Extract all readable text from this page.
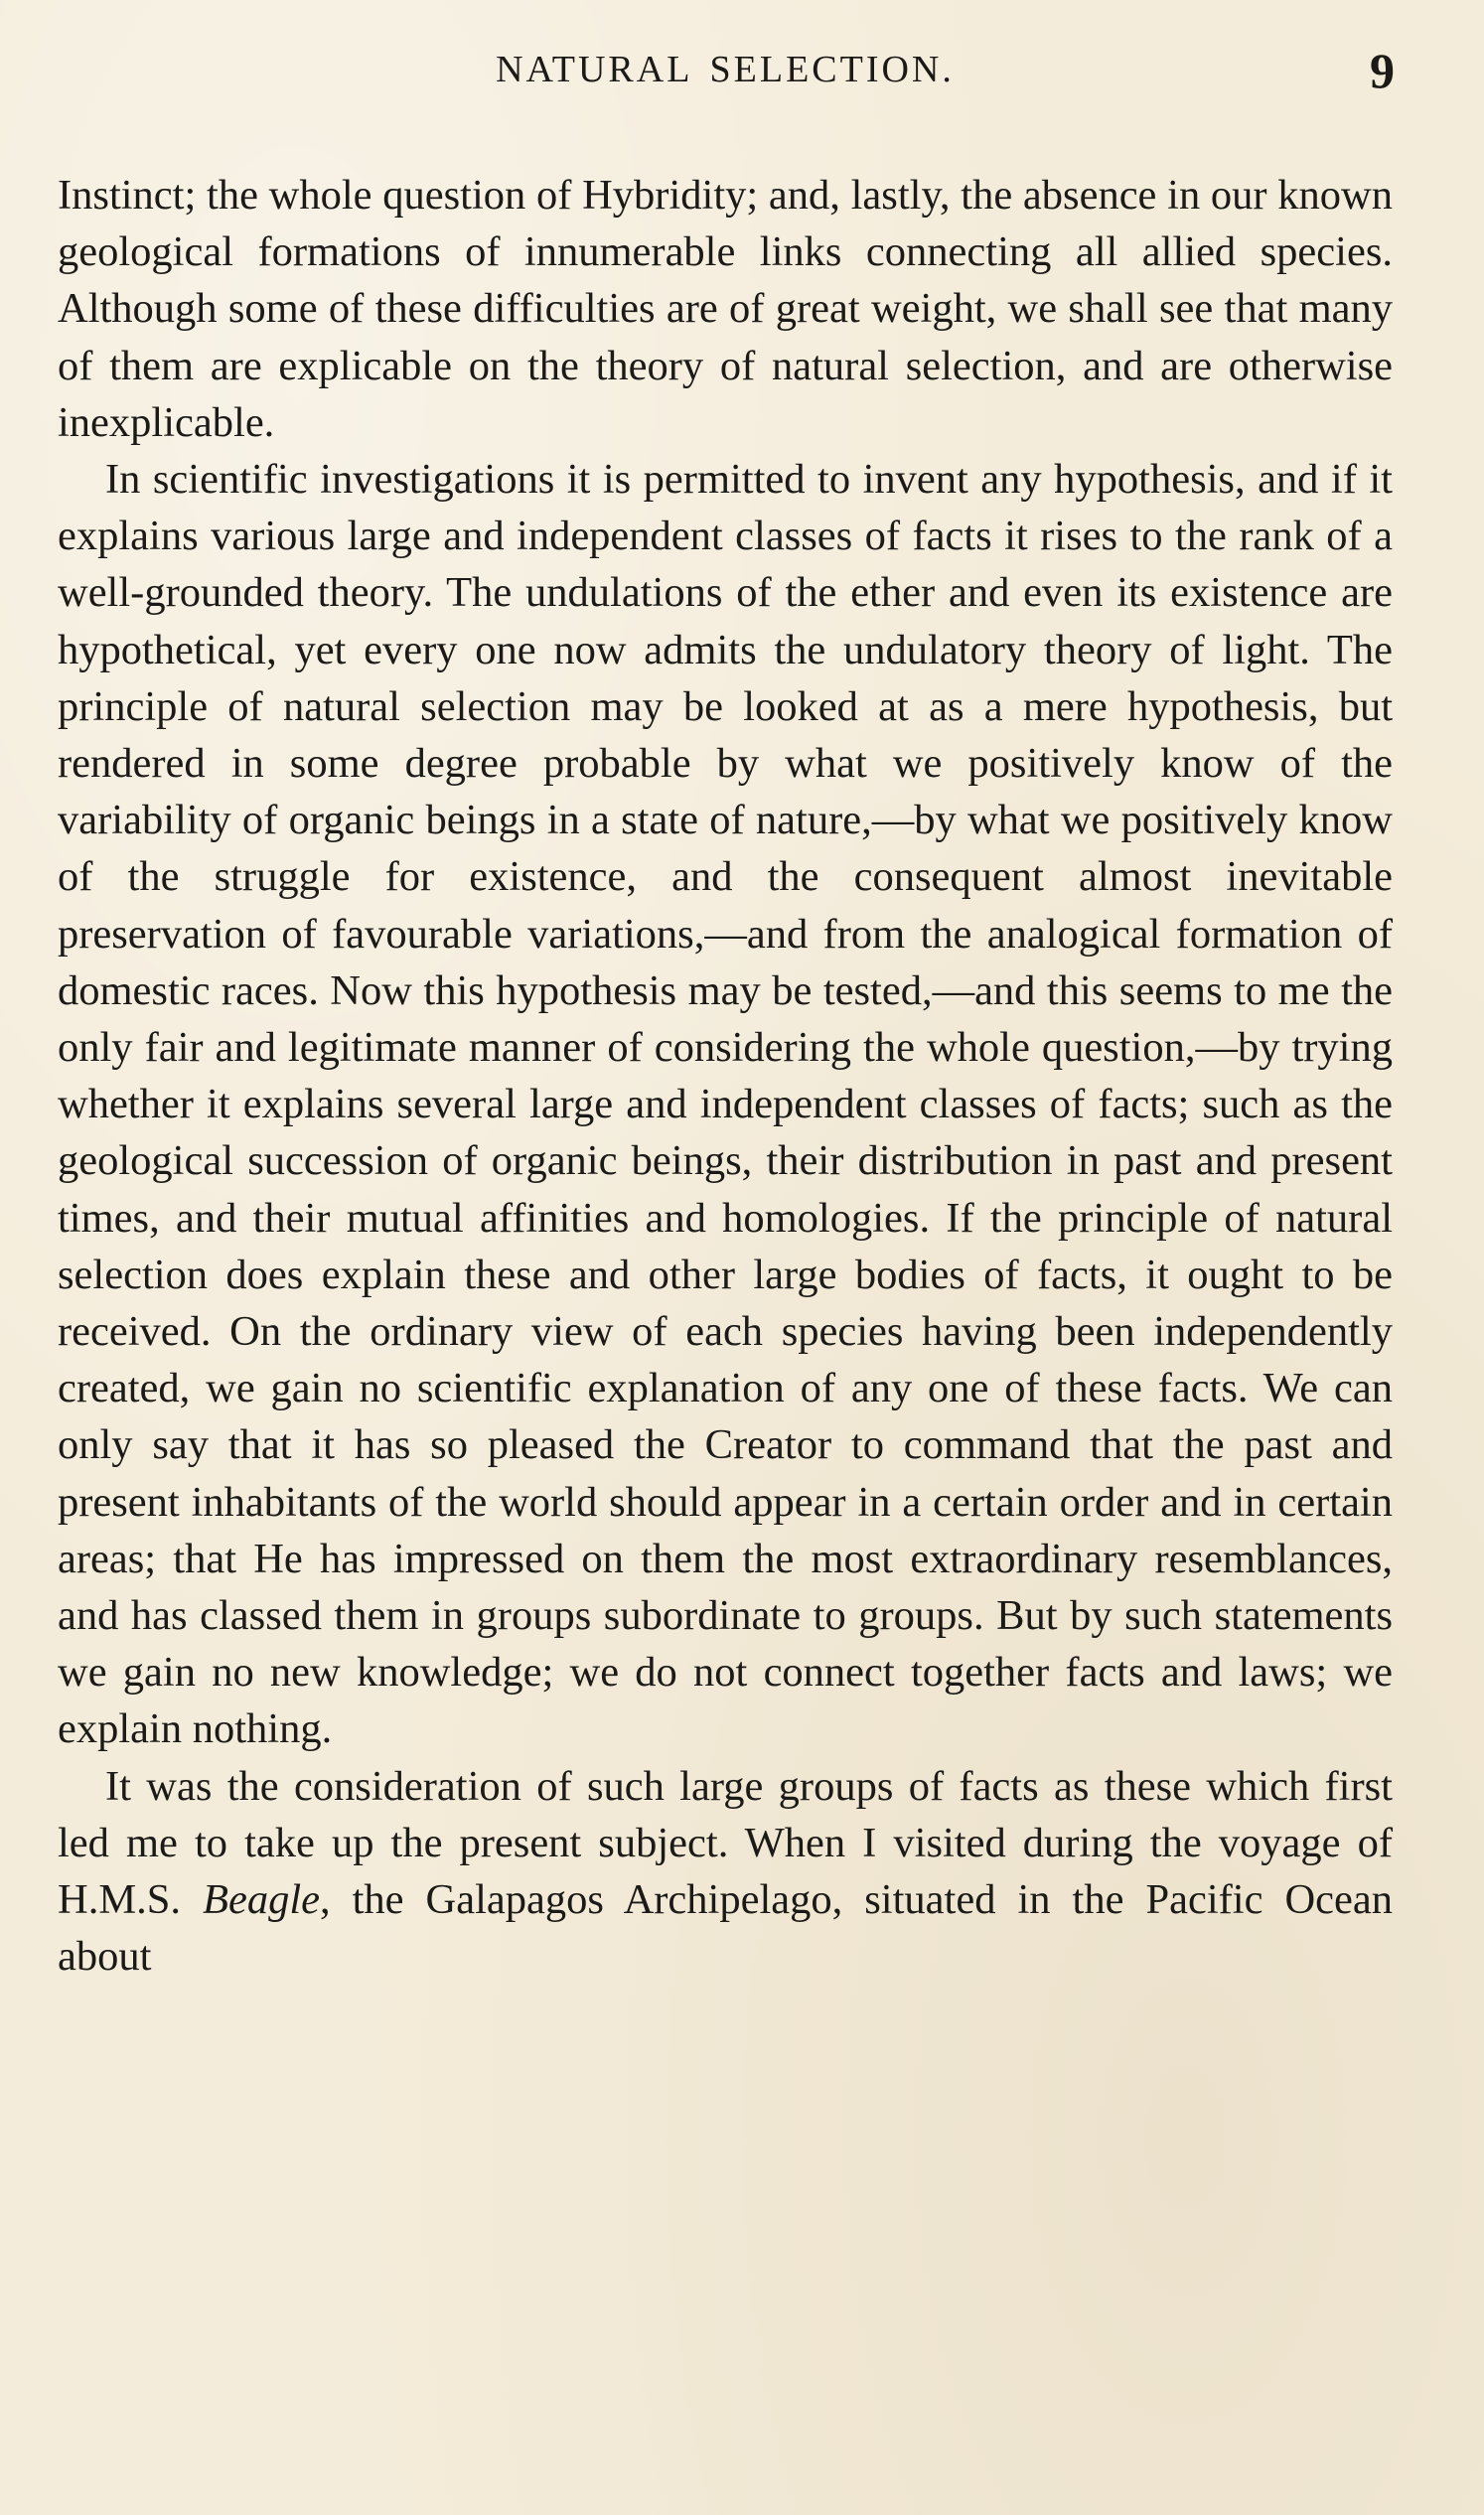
NATURAL SELECTION.	9

Instinct; the whole question of Hybridity; and, lastly, the absence in our known geological formations of innumerable links connecting all allied species. Although some of these difficulties are of great weight, we shall see that many of them are explicable on the theory of natural selection, and are otherwise inexplicable.

In scientific investigations it is permitted to invent any hypothesis, and if it explains various large and independent classes of facts it rises to the rank of a well-grounded theory. The undulations of the ether and even its existence are hypothetical, yet every one now admits the undulatory theory of light. The principle of natural selection may be looked at as a mere hypothesis, but rendered in some degree probable by what we positively know of the variability of organic beings in a state of nature,—by what we positively know of the struggle for existence, and the consequent almost inevitable preservation of favourable variations,—and from the analogical formation of domestic races. Now this hypothesis may be tested,—and this seems to me the only fair and legitimate manner of considering the whole question,—by trying whether it explains several large and independent classes of facts; such as the geological succession of organic beings, their distribution in past and present times, and their mutual affinities and homologies. If the principle of natural selection does explain these and other large bodies of facts, it ought to be received. On the ordinary view of each species having been independently created, we gain no scientific explanation of any one of these facts. We can only say that it has so pleased the Creator to command that the past and present inhabitants of the world should appear in a certain order and in certain areas; that He has impressed on them the most extraordinary resemblances, and has classed them in groups subordinate to groups. But by such statements we gain no new knowledge; we do not connect together facts and laws; we explain nothing.

It was the consideration of such large groups of facts as these which first led me to take up the present subject. When I visited during the voyage of H.M.S. Beagle, the Galapagos Archipelago, situated in the Pacific Ocean about
